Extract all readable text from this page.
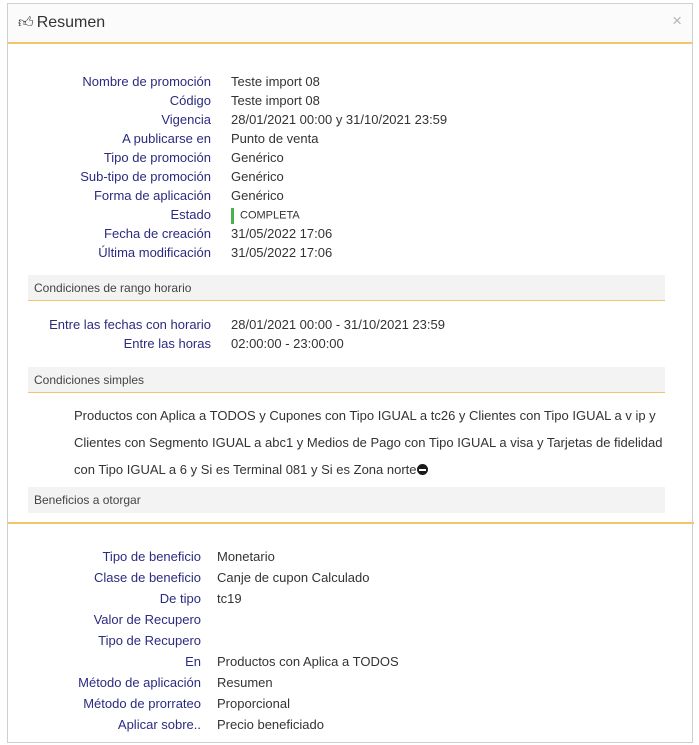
👍︎ Resumen	×
Nombre de promoción Teste import 08
Código Teste import 08
Vigencia 28/01/2021 00:00 y 31/10/2021 23:59
A publicarse en Punto de venta
Tipo de promoción Genérico
Sub-tipo de promoción Genérico
Forma de aplicación Genérico
Estado	COMPLETA
Fecha de creación 31/05/2022 17:06
Última modificación 31/05/2022 17:06
Condiciones de rango horario
Entre las fechas con horario 28/01/2021 00:00 - 31/10/2021 23:59
Entre las horas 02:00:00 - 23:00:00
Condiciones simples
Productos con Aplica a TODOS y Cupones con Tipo IGUAL a tc26 y Clientes con Tipo IGUAL a v ip y Clientes con Segmento IGUAL a abc1 y Medios de Pago con Tipo IGUAL a visa y Tarjetas de fidelidad con Tipo IGUAL a 6 y Si es Terminal 081 y Si es Zona norte
Beneficios a otorgar
Tipo de beneficio Monetario
Clase de beneficio Canje de cupon Calculado
De tipo tc19
Valor de Recupero
Tipo de Recupero
En Productos con Aplica a TODOS
Método de aplicación Resumen
Método de prorrateo Proporcional
Aplicar sobre.. Precio beneficiado
